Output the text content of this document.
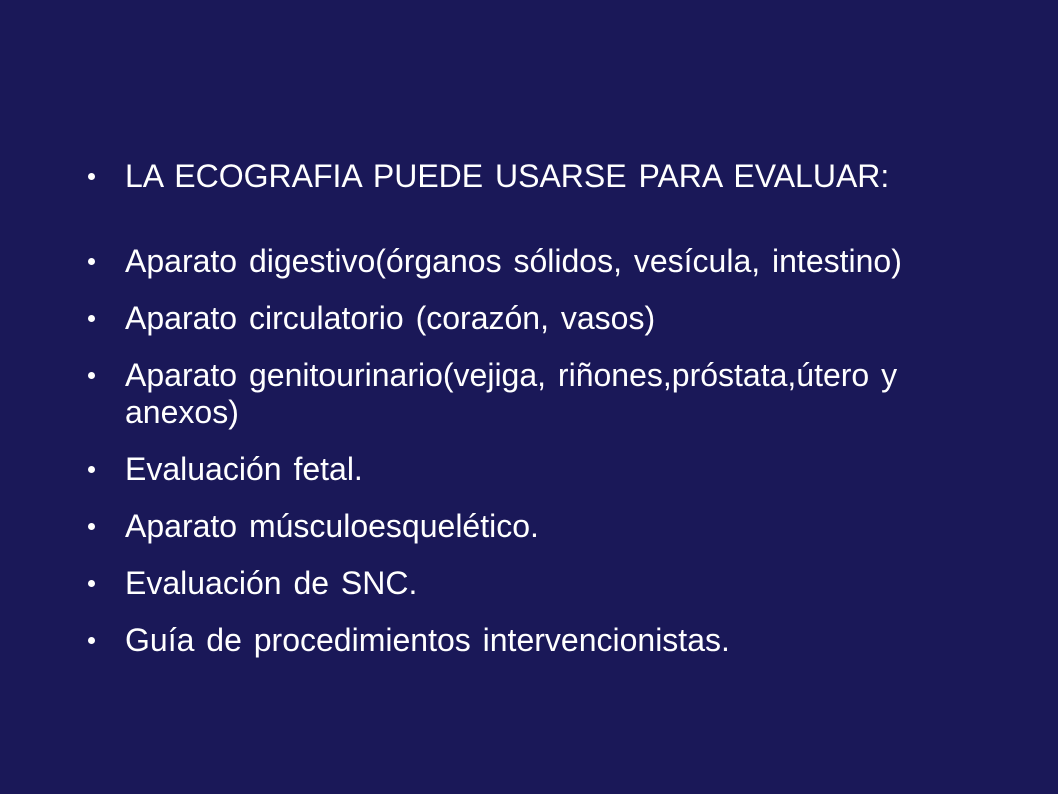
LA ECOGRAFIA PUEDE USARSE PARA EVALUAR:
Aparato digestivo(órganos sólidos, vesícula, intestino)
Aparato circulatorio (corazón, vasos)
Aparato genitourinario(vejiga, riñones,próstata,útero y anexos)
Evaluación fetal.
Aparato músculoesquelético.
Evaluación de SNC.
Guía de procedimientos intervencionistas.
